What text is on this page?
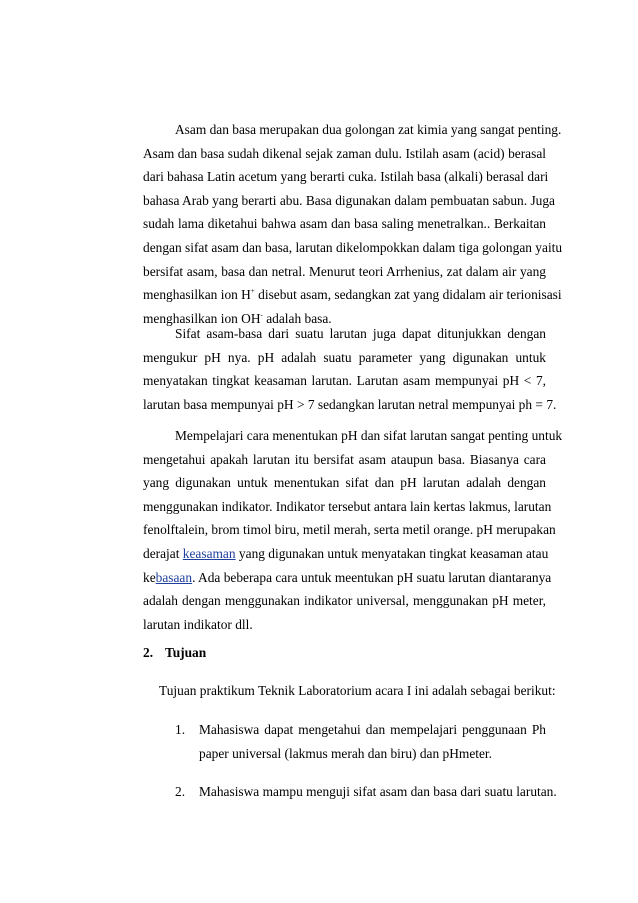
Asam dan basa merupakan dua golongan zat kimia yang sangat penting.
Asam dan basa sudah dikenal sejak zaman dulu. Istilah asam (acid) berasal
dari bahasa Latin acetum yang berarti cuka. Istilah basa (alkali) berasal dari
bahasa Arab yang berarti abu. Basa digunakan dalam pembuatan sabun. Juga
sudah lama diketahui bahwa asam dan basa saling menetralkan.. Berkaitan
dengan sifat asam dan basa, larutan dikelompokkan dalam tiga golongan yaitu
bersifat asam, basa dan netral. Menurut teori Arrhenius, zat dalam air yang
menghasilkan ion H+ disebut asam, sedangkan zat yang didalam air terionisasi
menghasilkan ion OH- adalah basa.

Sifat asam-basa dari suatu larutan juga dapat ditunjukkan dengan
mengukur pH nya. pH adalah suatu parameter yang digunakan untuk
menyatakan tingkat keasaman larutan. Larutan asam mempunyai pH < 7,
larutan basa mempunyai pH > 7 sedangkan larutan netral mempunyai ph = 7.

Mempelajari cara menentukan pH dan sifat larutan sangat penting untuk
mengetahui apakah larutan itu bersifat asam ataupun basa. Biasanya cara
yang digunakan untuk menentukan sifat dan pH larutan adalah dengan
menggunakan indikator. Indikator tersebut antara lain kertas lakmus, larutan
fenolftalein, brom timol biru, metil merah, serta metil orange. pH merupakan
derajat keasaman yang digunakan untuk menyatakan tingkat keasaman atau
kebasaan. Ada beberapa cara untuk meentukan pH suatu larutan diantaranya
adalah dengan menggunakan indikator universal, menggunakan pH meter,
larutan indikator dll.

2. Tujuan
Tujuan praktikum Teknik Laboratorium acara I ini adalah sebagai berikut:
1. Mahasiswa dapat mengetahui dan mempelajari penggunaan Ph
paper universal (lakmus merah dan biru) dan pHmeter.
2. Mahasiswa mampu menguji sifat asam dan basa dari suatu larutan.
